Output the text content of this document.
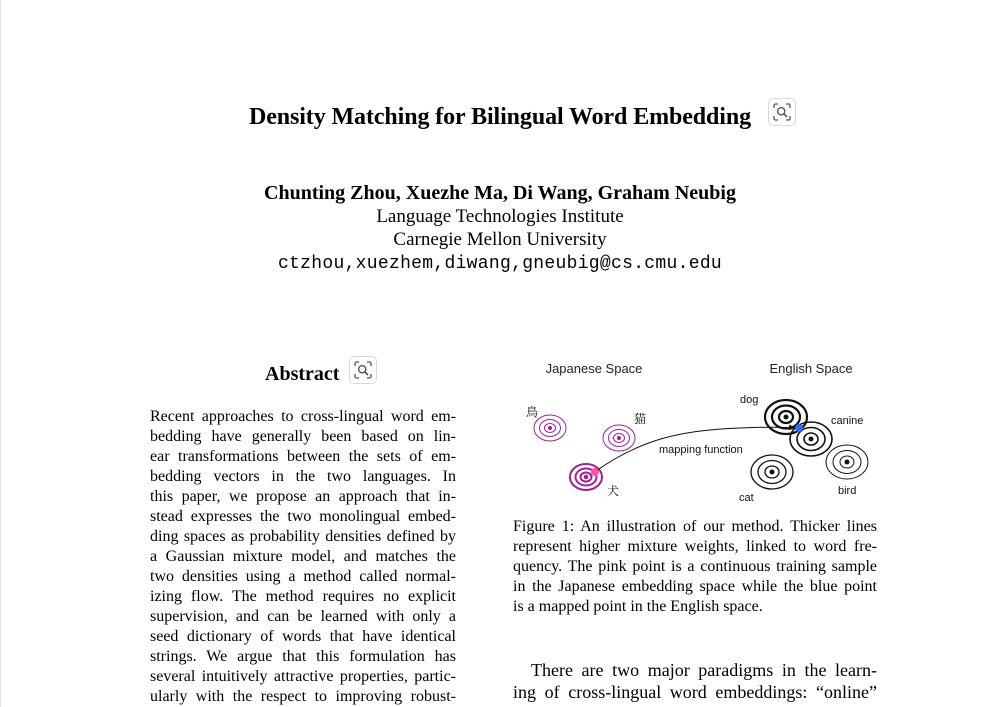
Density Matching for Bilingual Word Embedding
Chunting Zhou, Xuezhe Ma, Di Wang, Graham Neubig
Language Technologies Institute
Carnegie Mellon University
ctzhou,xuezhem,diwang,gneubig@cs.cmu.edu
Abstract
Recent approaches to cross-lingual word em-
bedding have generally been based on lin-
ear transformations between the sets of em-
bedding vectors in the two languages. In
this paper, we propose an approach that in-
stead expresses the two monolingual embed-
ding spaces as probability densities defined by
a Gaussian mixture model, and matches the
two densities using a method called normal-
izing flow. The method requires no explicit
supervision, and can be learned with only a
seed dictionary of words that have identical
strings. We argue that this formulation has
several intuitively attractive properties, partic-
ularly with the respect to improving robust-
Japanese Space	English Space
鳥	猫
犬
dog
canine
cat
bird
mapping function
Figure 1: An illustration of our method. Thicker lines
represent higher mixture weights, linked to word fre-
quency. The pink point is a continuous training sample
in the Japanese embedding space while the blue point
is a mapped point in the English space.
There are two major paradigms in the learn-
ing of cross-lingual word embeddings: “online”
